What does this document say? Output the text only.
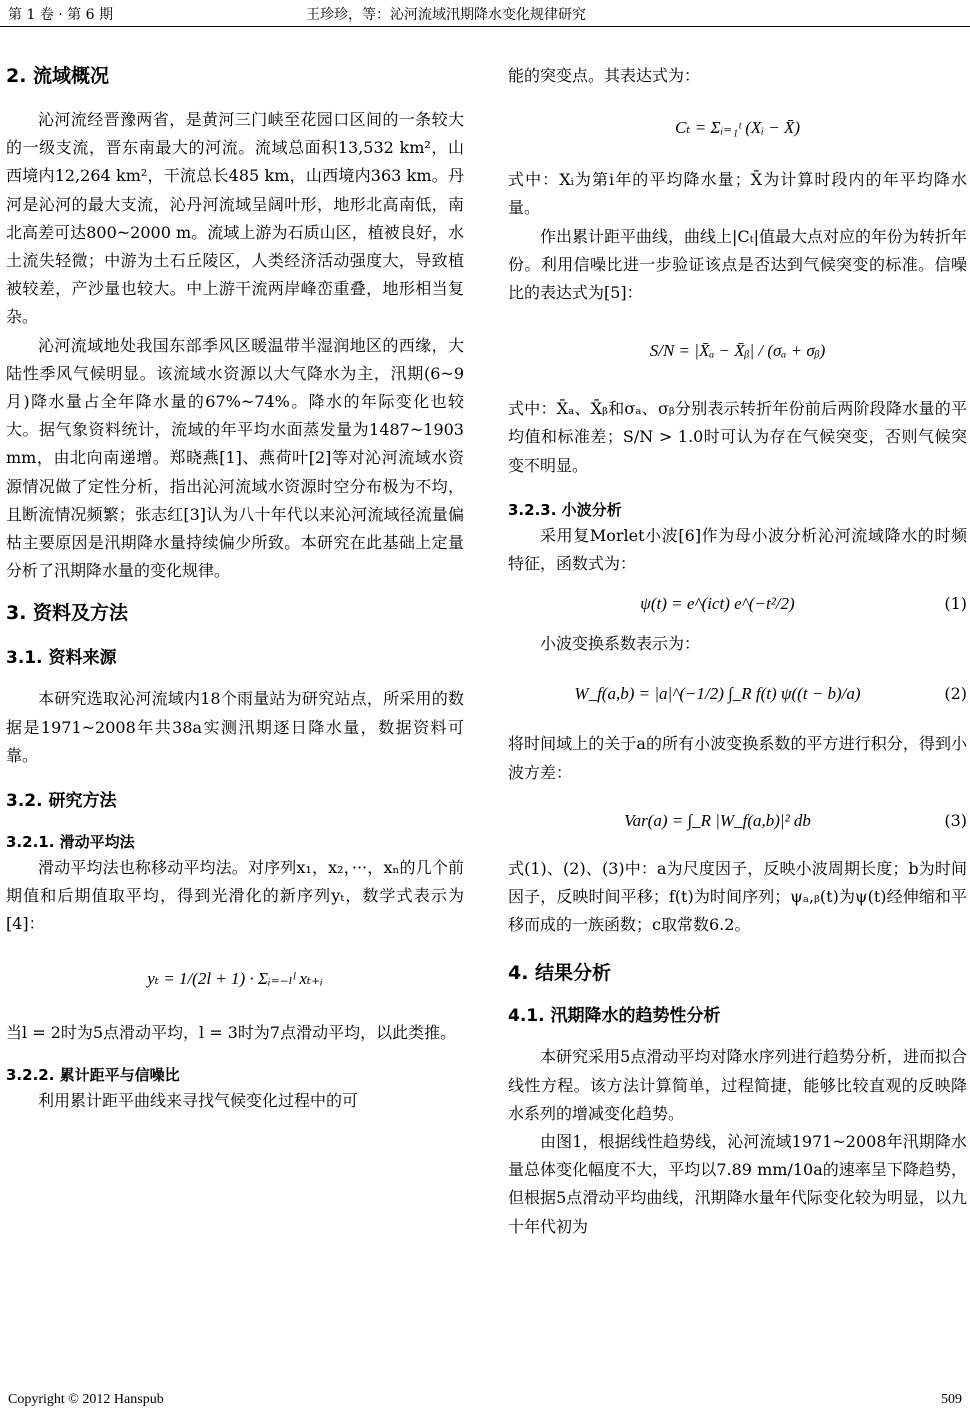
第 1 卷 · 第 6 期	王珍珍，等：沁河流域汛期降水变化规律研究
2. 流域概况

沁河流经晋豫两省，是黄河三门峡至花园口区间的一条较大的一级支流，晋东南最大的河流。流域总面积13,532 km²，山西境内12,264 km²，干流总长485 km，山西境内363 km。丹河是沁河的最大支流，沁丹河流域呈阔叶形，地形北高南低，南北高差可达800~2000 m。流域上游为石质山区，植被良好，水土流失轻微；中游为土石丘陵区，人类经济活动强度大，导致植被较差，产沙量也较大。中上游干流两岸峰峦重叠，地形相当复杂。

沁河流域地处我国东部季风区暖温带半湿润地区的西缘，大陆性季风气候明显。该流域水资源以大气降水为主，汛期(6~9月)降水量占全年降水量的67%~74%。降水的年际变化也较大。据气象资料统计，流域的年平均水面蒸发量为1487~1903 mm，由北向南递增。郑晓燕[1]、燕荷叶[2]等对沁河流域水资源情况做了定性分析，指出沁河流域水资源时空分布极为不均，且断流情况频繁；张志红[3]认为八十年代以来沁河流域径流量偏枯主要原因是汛期降水量持续偏少所致。本研究在此基础上定量分析了汛期降水量的变化规律。

3. 资料及方法
3.1. 资料来源

本研究选取沁河流域内18个雨量站为研究站点，所采用的数据是1971~2008年共38a实测汛期逐日降水量，数据资料可靠。

3.2. 研究方法
3.2.1. 滑动平均法

滑动平均法也称移动平均法。对序列x₁，x₂，···，xₙ的几个前期值和后期值取平均，得到光滑化的新序列yₜ，数学式表示为[4]：

yₜ = 1/(2l + 1) · Σᵢ₌₋ₗˡ xₜ₊ᵢ

当l = 2时为5点滑动平均，l = 3时为7点滑动平均，以此类推。

3.2.2. 累计距平与信噪比

利用累计距平曲线来寻找气候变化过程中的可

能的突变点。其表达式为：

Cₜ = Σᵢ₌₁ᵗ (Xᵢ − X̄)

式中：Xᵢ为第i年的平均降水量；X̄为计算时段内的年平均降水量。

作出累计距平曲线，曲线上|Cₜ|值最大点对应的年份为转折年份。利用信噪比进一步验证该点是否达到气候突变的标准。信噪比的表达式为[5]：

S/N = |X̄ₐ − X̄ᵦ| / (σₐ + σᵦ)

式中：X̄ₐ、X̄ᵦ和σₐ、σᵦ分别表示转折年份前后两阶段降水量的平均值和标准差；S/N > 1.0时可认为存在气候突变，否则气候突变不明显。

3.2.3. 小波分析

采用复Morlet小波[6]作为母小波分析沁河流域降水的时频特征，函数式为：

ψ(t) = e^(ict) e^(−t²/2)	(1)

小波变换系数表示为：

W_f(a,b) = |a|^(−1/2) ∫_R f(t) ψ((t − b)/a)	(2)

将时间域上的关于a的所有小波变换系数的平方进行积分，得到小波方差：

Var(a) = ∫_R |W_f(a,b)|² db	(3)

式(1)、(2)、(3)中：a为尺度因子，反映小波周期长度；b为时间因子，反映时间平移；f(t)为时间序列；ψₐ,ᵦ(t)为ψ(t)经伸缩和平移而成的一族函数；c取常数6.2。

4. 结果分析
4.1. 汛期降水的趋势性分析

本研究采用5点滑动平均对降水序列进行趋势分析，进而拟合线性方程。该方法计算简单，过程简捷，能够比较直观的反映降水系列的增减变化趋势。

由图1，根据线性趋势线，沁河流域1971~2008年汛期降水量总体变化幅度不大，平均以7.89 mm/10a的速率呈下降趋势，但根据5点滑动平均曲线，汛期降水量年代际变化较为明显，以九十年代初为

Copyright © 2012 Hanspub	509
